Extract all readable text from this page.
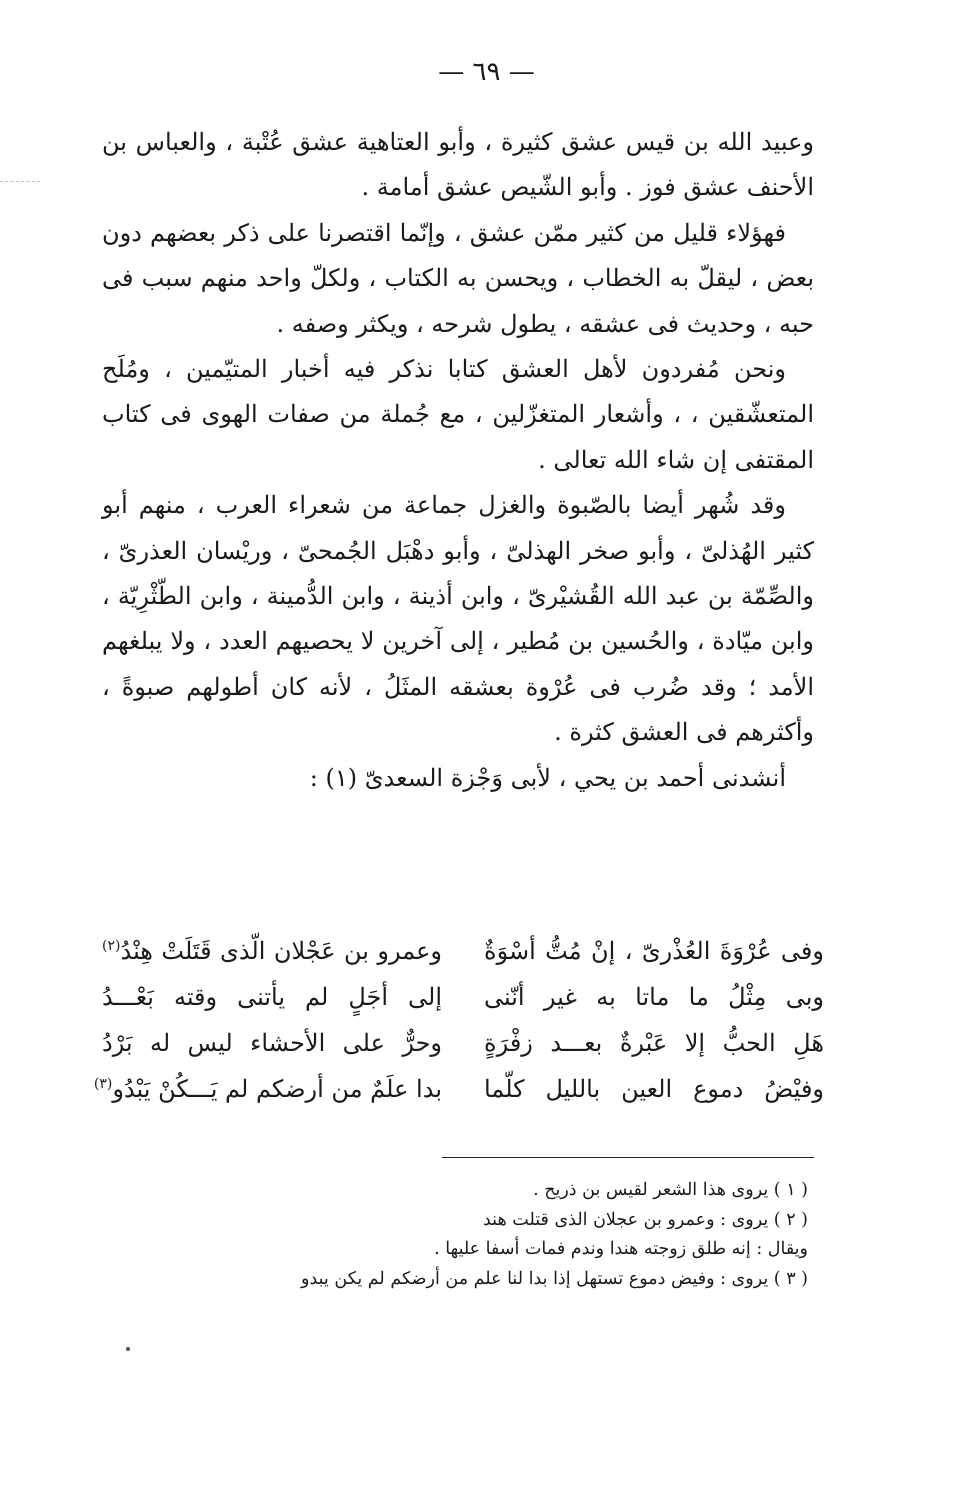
— ٦٩ —

وعبيد الله بن قيس عشق كثيرة ، وأبو العتاهية عشق عُتْبة ، والعباس بن الأحنف عشق فوز . وأبو الشّيص عشق أمامة .

فهؤلاء قليل من كثير ممّن عشق ، وإنّما اقتصرنا على ذكر بعضهم دون بعض ، ليقلّ به الخطاب ، ويحسن به الكتاب ، ولكلّ واحد منهم سبب فى حبه ، وحديث فى عشقه ، يطول شرحه ، ويكثر وصفه .

ونحن مُفردون لأهل العشق كتابا نذكر فيه أخبار المتيّمين ، ومُلَح المتعشّقين ، ، وأشعار المتغزّلين ، مع جُملة من صفات الهوى فى كتاب المقتفى إن شاء الله تعالى .

وقد شُهر أيضا بالصّبوة والغزل جماعة من شعراء العرب ، منهم أبو كثير الهُذلىّ ، وأبو صخر الهذلىّ ، وأبو دهْبَل الجُمحىّ ، وريْسان العذرىّ ، والصِّمّة بن عبد الله القُشيْرىّ ، وابن أذينة ، وابن الدُّمينة ، وابن الطّثْرِيّة ، وابن ميّادة ، والحُسين بن مُطير ، إلى آخرين لا يحصيهم العدد ، ولا يبلغهم الأمد ؛ وقد ضُرب فى عُرْوة بعشقه المثَلُ ، لأنه كان أطولهم صبوةً ، وأكثرهم فى العشق كثرة .

أنشدنى أحمد بن يحي ، لأبى وَجْزة السعدىّ (١) :

وفى عُرْوَةَ العُذْرىّ ، إنْ مُتُّ أسْوَةٌ
وعمرو بن عَجْلان الّذى قَتَلَتْ هِنْدُ$^{(٢)}$
وبى مِثْلُ ما ماتا به غير أنّنى
إلى أجَلٍ لم يأتنى وقته بَعْـــدُ
هَلِ الحبُّ إلا عَبْرةٌ بعـــد زفْرَةٍ
وحرٌّ على الأحشاء ليس له بَرْدُ
وفيْضُ دموع العين بالليل كلّما
بدا علَمٌ من أرضكم لم يَـــكُنْ يَبْدُو$^{(٣)}$
( ١ ) يروى هذا الشعر لقيس بن ذريح .
( ٢ ) يروى : وعمرو بن عجلان الذى قتلت هند
ويقال : إنه طلق زوجته هندا وندم فمات أسفا عليها .
( ٣ ) يروى : وفيض دموع تستهل إذا بدا لنا علم من أرضكم لم يكن يبدو
